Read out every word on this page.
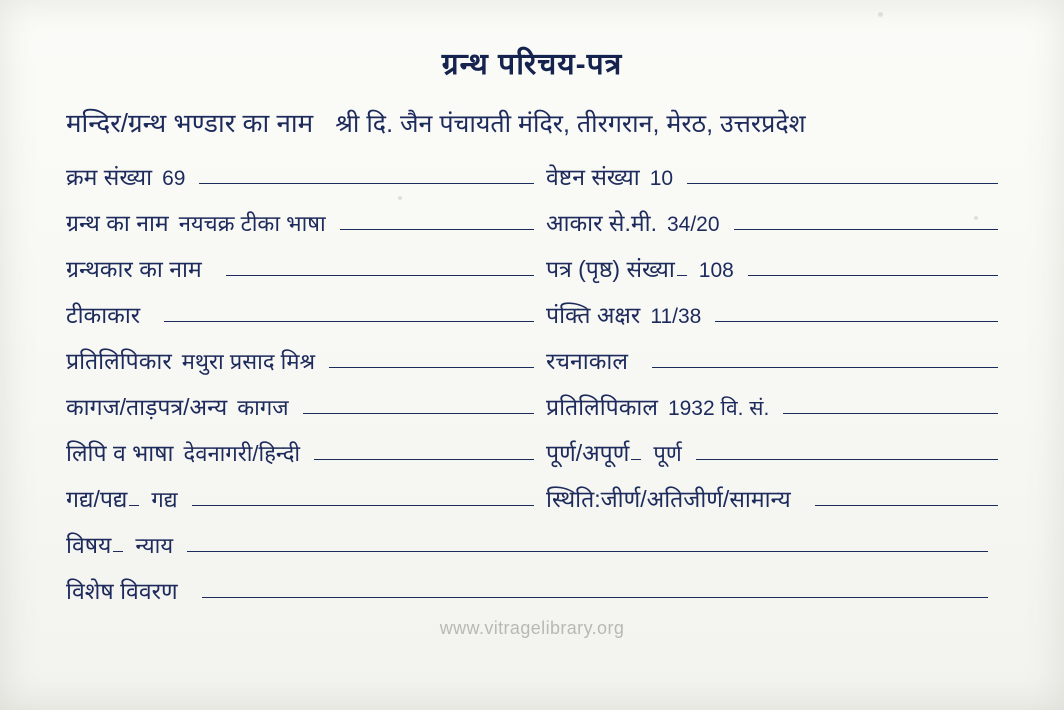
ग्रन्थ परिचय-पत्र
मन्दिर/ग्रन्थ भण्डार का नाम श्री दि. जैन पंचायती मंदिर, तीरगरान, मेरठ, उत्तरप्रदेश
क्रम संख्या 69	वेष्टन संख्या 10
ग्रन्थ का नाम नयचक्र टीका भाषा	आकार से.मी. 34/20
ग्रन्थकार का नाम	पत्र (पृष्ठ) संख्या 108
टीकाकार	पंक्ति अक्षर 11/38
प्रतिलिपिकार मथुरा प्रसाद मिश्र	रचनाकाल
कागज/ताड़पत्र/अन्य कागज	प्रतिलिपिकाल 1932 वि. सं.
लिपि व भाषा देवनागरी/हिन्दी	पूर्ण/अपूर्ण पूर्ण
गद्य/पद्य गद्य	स्थिति:जीर्ण/अतिजीर्ण/सामान्य
विषय न्याय
विशेष विवरण
www.vitragelibrary.org
